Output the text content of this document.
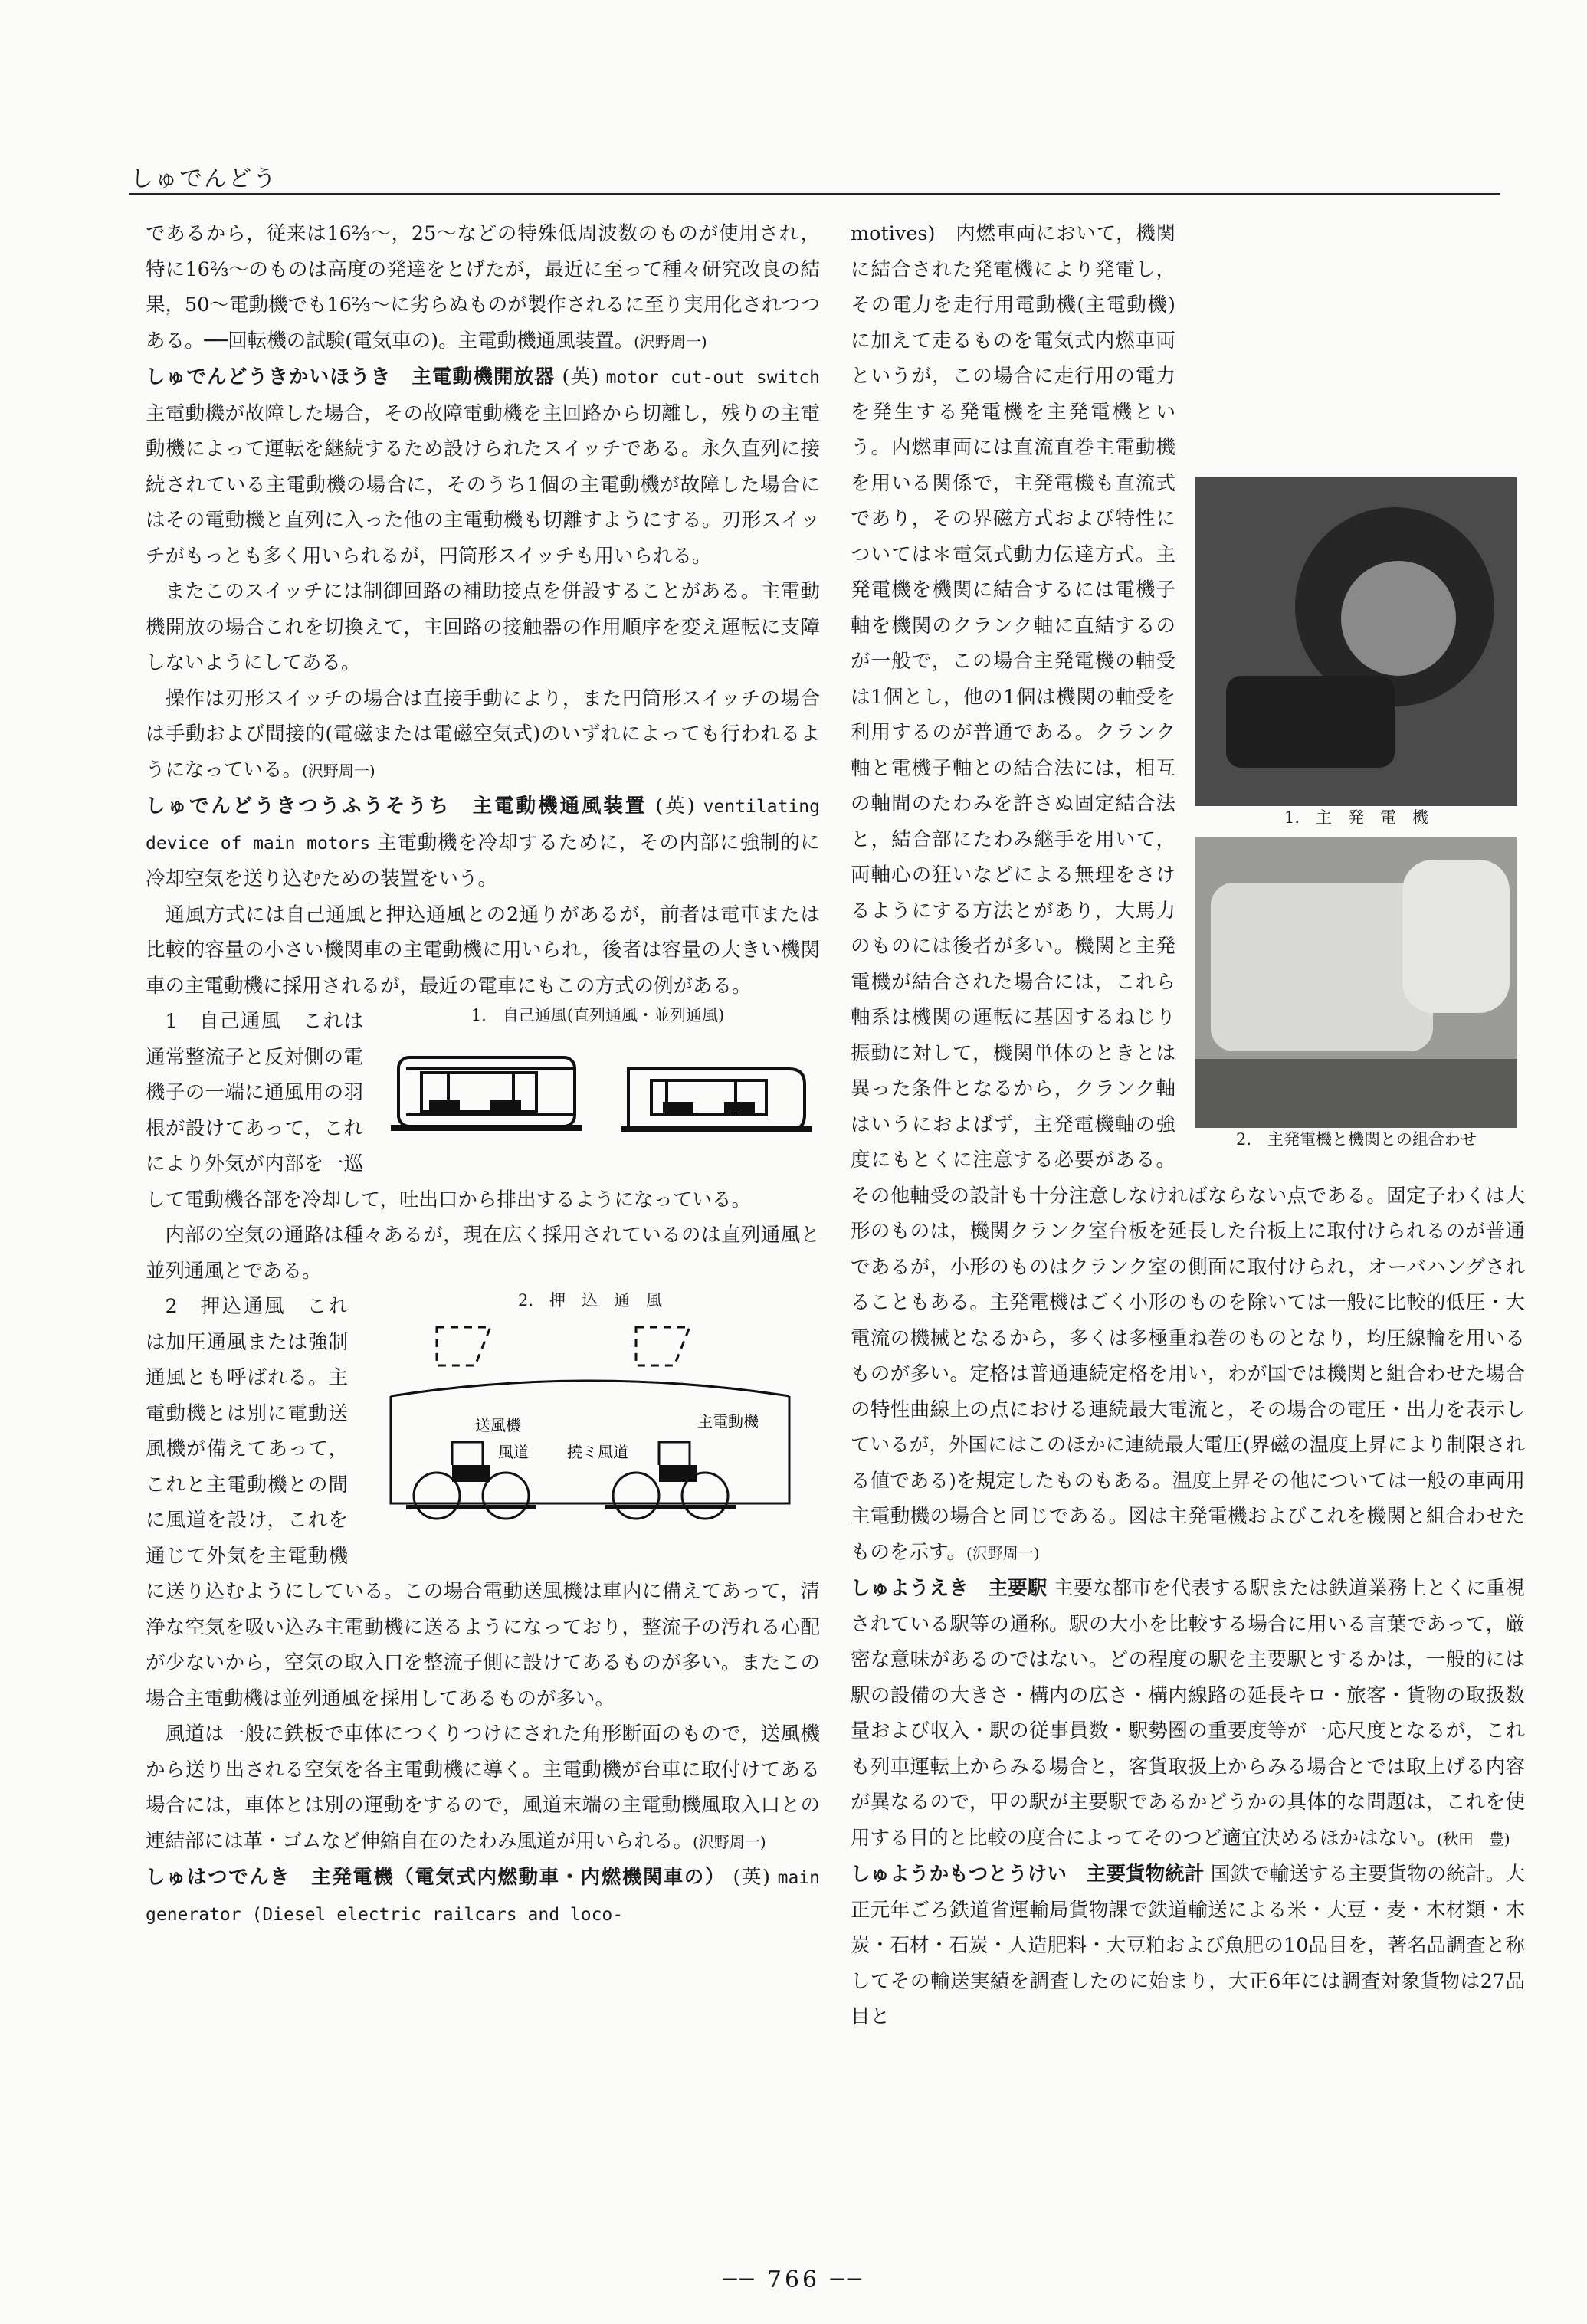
しゅでんどう

であるから，従来は16⅔〜，25〜などの特殊低周波数のものが使用され，特に16⅔〜のものは高度の発達をとげたが，最近に至って種々研究改良の結果，50〜電動機でも16⅔〜に劣らぬものが製作されるに至り実用化されつつある。──回転機の試験(電気車の)。主電動機通風装置。(沢野周一)

しゅでんどうきかいほうき　主電動機開放器 (英) motor cut-out switch 主電動機が故障した場合，その故障電動機を主回路から切離し，残りの主電動機によって運転を継続するため設けられたスイッチである。永久直列に接続されている主電動機の場合に，そのうち1個の主電動機が故障した場合にはその電動機と直列に入った他の主電動機も切離すようにする。刃形スイッチがもっとも多く用いられるが，円筒形スイッチも用いられる。

またこのスイッチには制御回路の補助接点を併設することがある。主電動機開放の場合これを切換えて，主回路の接触器の作用順序を変え運転に支障しないようにしてある。

操作は刃形スイッチの場合は直接手動により，また円筒形スイッチの場合は手動および間接的(電磁または電磁空気式)のいずれによっても行われるようになっている。(沢野周一)

しゅでんどうきつうふうそうち　主電動機通風装置 (英) ventilating device of main motors 主電動機を冷却するために，その内部に強制的に冷却空気を送り込むための装置をいう。

通風方式には自己通風と押込通風との2通りがあるが，前者は電車または比較的容量の小さい機関車の主電動機に用いられ，後者は容量の大きい機関車の主電動機に採用されるが，最近の電車にもこの方式の例がある。

1.　自己通風(直列通風・並列通風)

1　自己通風　これは通常整流子と反対側の電機子の一端に通風用の羽根が設けてあって，これにより外気が内部を一巡して電動機各部を冷却して，吐出口から排出するようになっている。

内部の空気の通路は種々あるが，現在広く採用されているのは直列通風と並列通風とである。

2.　押　込　通　風
送風機
風道	撓ミ風道
主電動機

2　押込通風　これは加圧通風または強制通風とも呼ばれる。主電動機とは別に電動送風機が備えてあって，これと主電動機との間に風道を設け，これを通じて外気を主電動機に送り込むようにしている。この場合電動送風機は車内に備えてあって，清浄な空気を吸い込み主電動機に送るようになっており，整流子の汚れる心配が少ないから，空気の取入口を整流子側に設けてあるものが多い。またこの場合主電動機は並列通風を採用してあるものが多い。

風道は一般に鉄板で車体につくりつけにされた角形断面のもので，送風機から送り出される空気を各主電動機に導く。主電動機が台車に取付けてある場合には，車体とは別の運動をするので，風道末端の主電動機風取入口との連結部には革・ゴムなど伸縮自在のたわみ風道が用いられる。(沢野周一)

しゅはつでんき　主発電機（電気式内燃動車・内燃機関車の） (英) main generator (Diesel electric railcars and loco-

1.　主　発　電　機
2.　主発電機と機関との組合わせ

motives)　内燃車両において，機関に結合された発電機により発電し，その電力を走行用電動機(主電動機)に加えて走るものを電気式内燃車両というが，この場合に走行用の電力を発生する発電機を主発電機という。内燃車両には直流直巻主電動機を用いる関係で，主発電機も直流式であり，その界磁方式および特性については＊電気式動力伝達方式。主発電機を機関に結合するには電機子軸を機関のクランク軸に直結するのが一般で，この場合主発電機の軸受は1個とし，他の1個は機関の軸受を利用するのが普通である。クランク軸と電機子軸との結合法には，相互の軸間のたわみを許さぬ固定結合法と，結合部にたわみ継手を用いて，両軸心の狂いなどによる無理をさけるようにする方法とがあり，大馬力のものには後者が多い。機関と主発電機が結合された場合には，これら軸系は機関の運転に基因するねじり振動に対して，機関単体のときとは異った条件となるから，クランク軸はいうにおよばず，主発電機軸の強度にもとくに注意する必要がある。その他軸受の設計も十分注意しなければならない点である。固定子わくは大形のものは，機関クランク室台板を延長した台板上に取付けられるのが普通であるが，小形のものはクランク室の側面に取付けられ，オーバハングされることもある。主発電機はごく小形のものを除いては一般に比較的低圧・大電流の機械となるから，多くは多極重ね巻のものとなり，均圧線輪を用いるものが多い。定格は普通連続定格を用い，わが国では機関と組合わせた場合の特性曲線上の点における連続最大電流と，その場合の電圧・出力を表示しているが，外国にはこのほかに連続最大電圧(界磁の温度上昇により制限される値である)を規定したものもある。温度上昇その他については一般の車両用主電動機の場合と同じである。図は主発電機およびこれを機関と組合わせたものを示す。(沢野周一)

しゅようえき　主要駅 主要な都市を代表する駅または鉄道業務上とくに重視されている駅等の通称。駅の大小を比較する場合に用いる言葉であって，厳密な意味があるのではない。どの程度の駅を主要駅とするかは，一般的には駅の設備の大きさ・構内の広さ・構内線路の延長キロ・旅客・貨物の取扱数量および収入・駅の従事員数・駅勢圏の重要度等が一応尺度となるが，これも列車運転上からみる場合と，客貨取扱上からみる場合とでは取上げる内容が異なるので，甲の駅が主要駅であるかどうかの具体的な問題は，これを使用する目的と比較の度合によってそのつど適宜決めるほかはない。(秋田　豊)

しゅようかもつとうけい　主要貨物統計 国鉄で輸送する主要貨物の統計。大正元年ごろ鉄道省運輸局貨物課で鉄道輸送による米・大豆・麦・木材類・木炭・石材・石炭・人造肥料・大豆粕および魚肥の10品目を，著名品調査と称してその輸送実績を調査したのに始まり，大正6年には調査対象貨物は27品目と

── 766 ──
